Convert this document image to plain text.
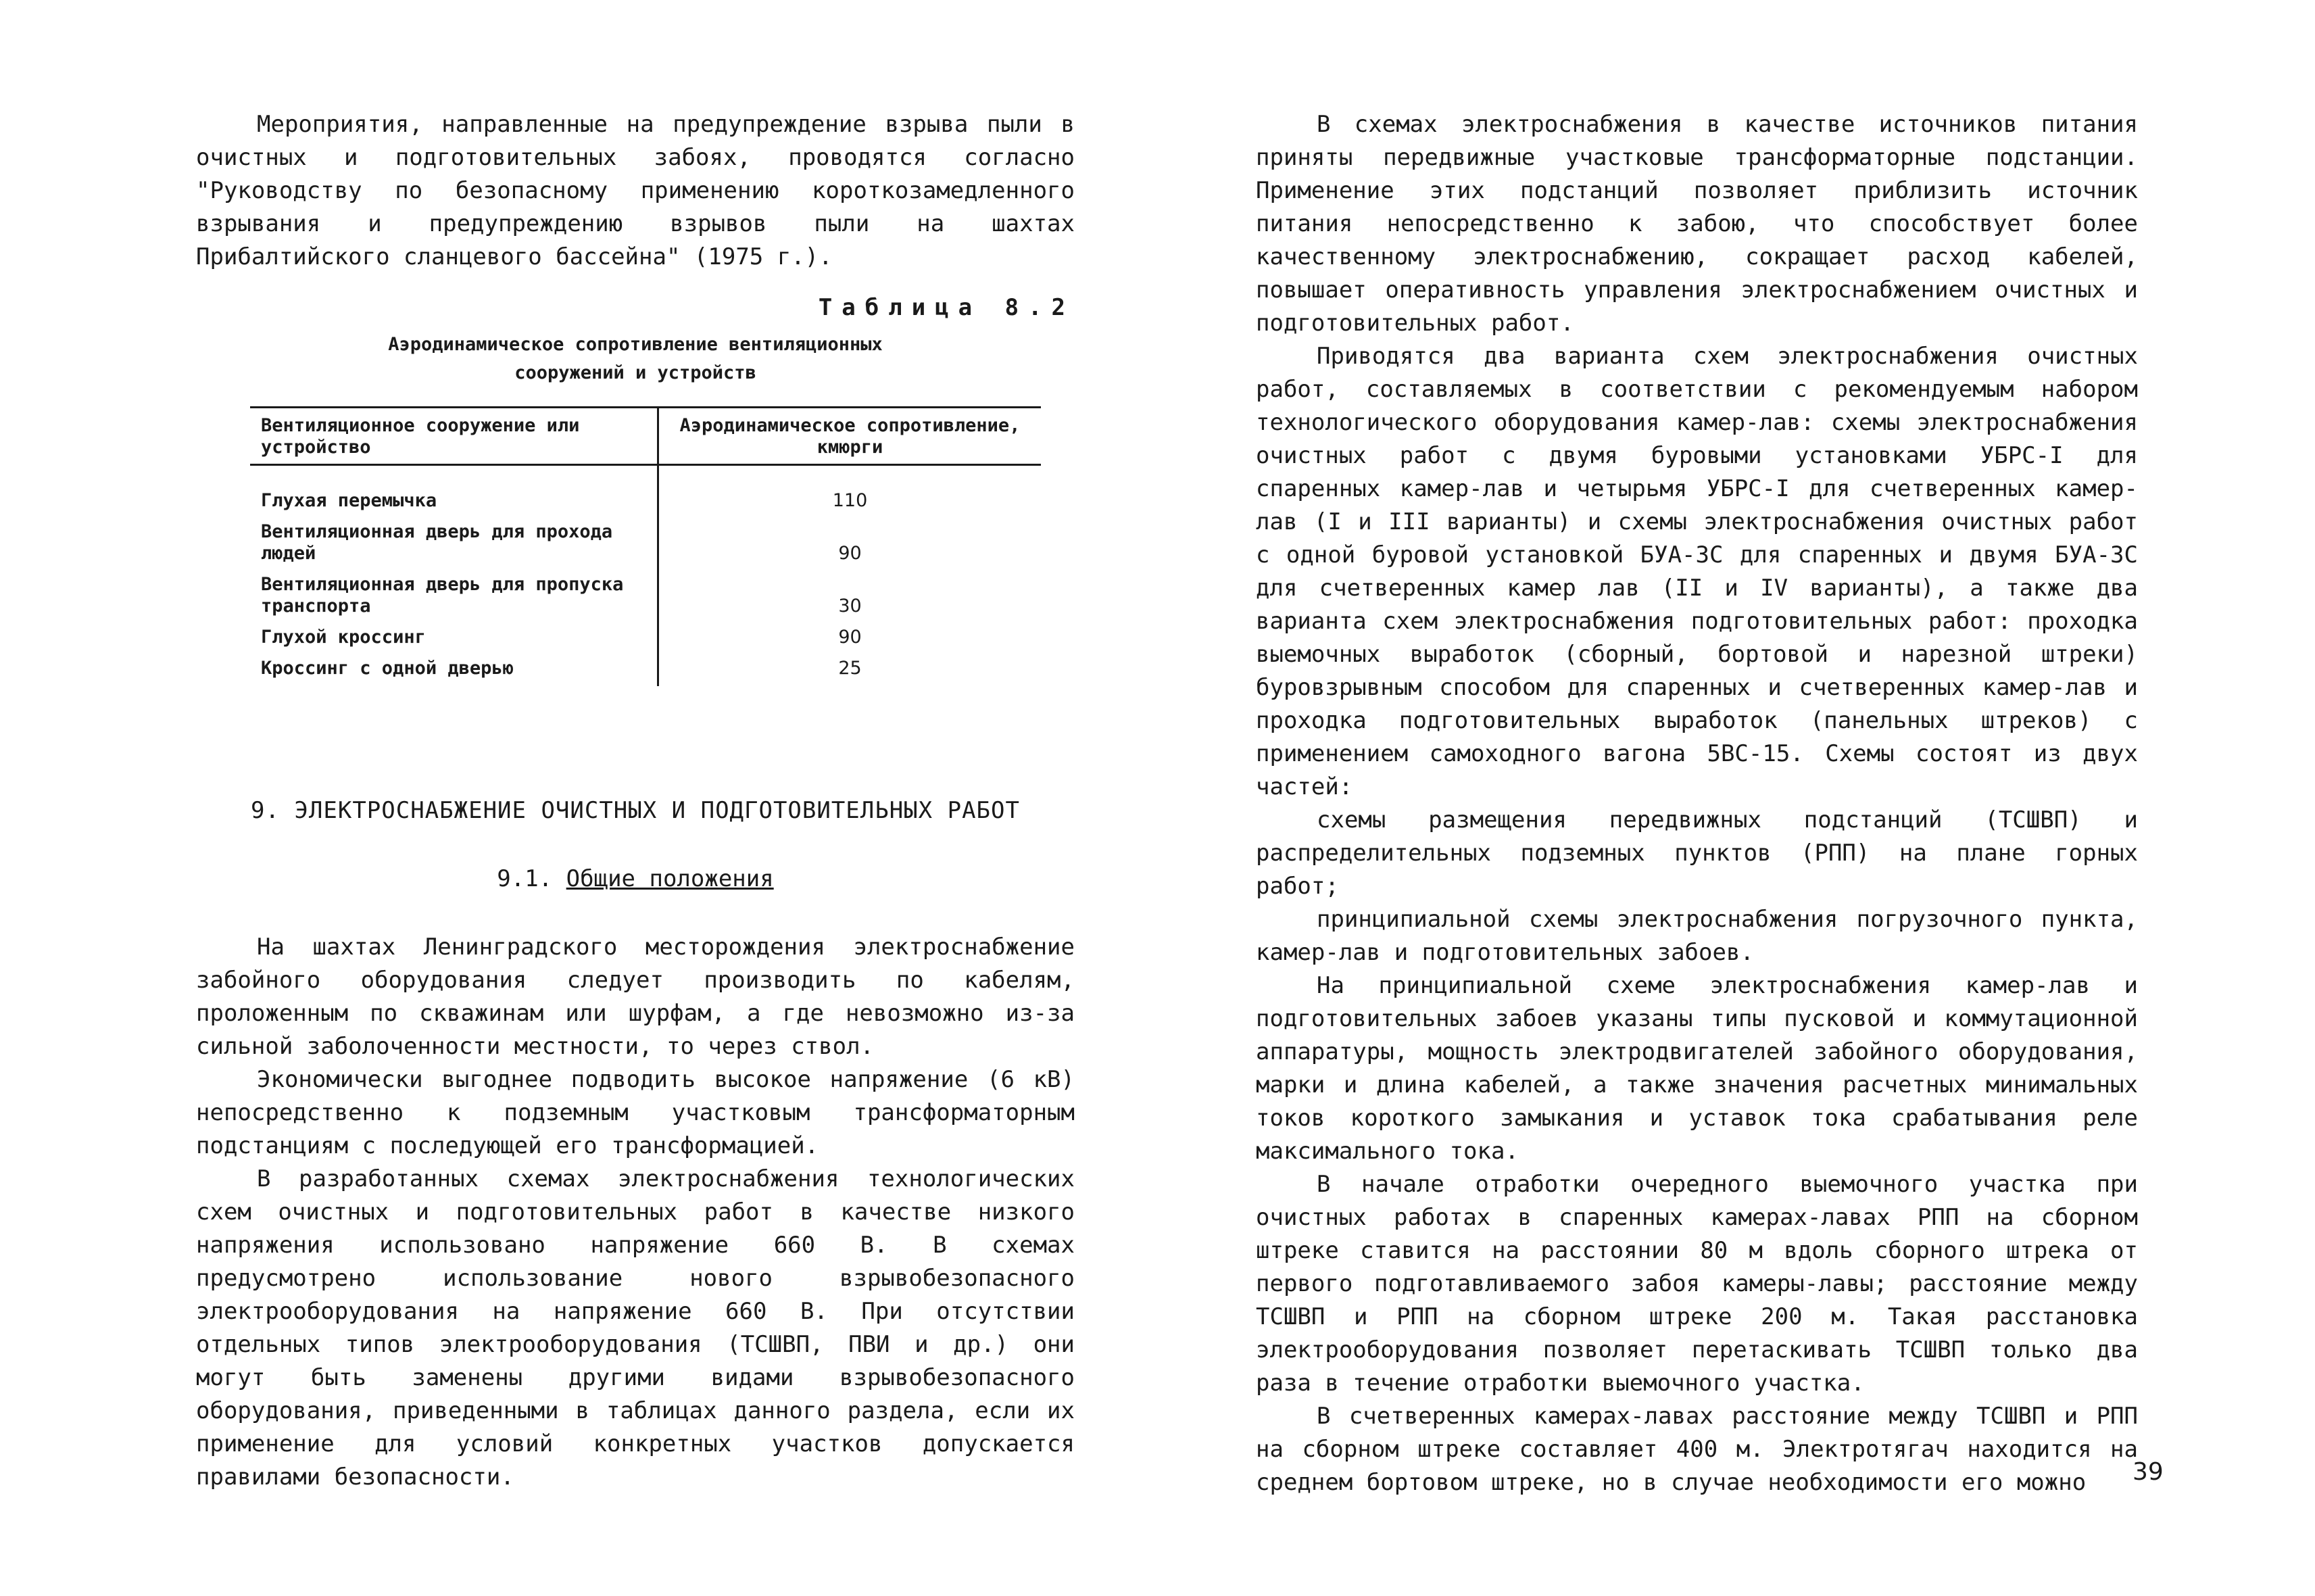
Мероприятия, направленные на предупреждение взрыва пыли в очистных и подготовительных забоях, проводятся согласно "Руководству по безопасному применению короткозамедленного взрывания и предупреждению взрывов пыли на шахтах Прибалтийского сланцевого бассейна" (1975 г.).

Таблица 8.2
Аэродинамическое сопротивление вентиляционных
сооружений и устройств
Вентиляционное сооружение или устройство	Аэродинамическое сопротивление, кмюрги
Глухая перемычка	110
Вентиляционная дверь для прохода людей	90
Вентиляционная дверь для пропуска транспорта	30
Глухой кроссинг	90
Кроссинг с одной дверью	25
9. ЭЛЕКТРОСНАБЖЕНИЕ ОЧИСТНЫХ И ПОДГОТОВИТЕЛЬНЫХ РАБОТ
9.1. Общие положения

На шахтах Ленинградского месторождения электроснабжение забойного оборудования следует производить по кабелям, проложенным по скважинам или шурфам, а где невозможно из-за сильной заболоченности местности, то через ствол.

Экономически выгоднее подводить высокое напряжение (6 кВ) непосредственно к подземным участковым трансформаторным подстанциям с последующей его трансформацией.

В разработанных схемах электроснабжения технологических схем очистных и подготовительных работ в качестве низкого напряжения использовано напряжение 660 В. В схемах предусмотрено использование нового взрывобезопасного электрооборудования на напряжение 660 В. При отсутствии отдельных типов электрооборудования (ТСШВП, ПВИ и др.) они могут быть заменены другими видами взрывобезопасного оборудования, приведенными в таблицах данного раздела, если их применение для условий конкретных участков допускается правилами безопасности.

В схемах электроснабжения в качестве источников питания приняты передвижные участковые трансформаторные подстанции. Применение этих подстанций позволяет приблизить источник питания непосредственно к забою, что способствует более качественному электроснабжению, сокращает расход кабелей, повышает оперативность управления электроснабжением очистных и подготовительных работ.

Приводятся два варианта схем электроснабжения очистных работ, составляемых в соответствии с рекомендуемым набором технологического оборудования камер-лав: схемы электроснабжения очистных работ с двумя буровыми установками УБРС-I для спаренных камер-лав и четырьмя УБРС-I для счетверенных камер-лав (I и III варианты) и схемы электроснабжения очистных работ с одной буровой установкой БУА-3С для спаренных и двумя БУА-3С для счетверенных камер лав (II и IV варианты), а также два варианта схем электроснабжения подготовительных работ: проходка выемочных выработок (сборный, бортовой и нарезной штреки) буровзрывным способом для спаренных и счетверенных камер-лав и проходка подготовительных выработок (панельных штреков) с применением самоходного вагона 5ВС-15. Схемы состоят из двух частей:

схемы размещения передвижных подстанций (ТСШВП) и распределительных подземных пунктов (РПП) на плане горных работ;

принципиальной схемы электроснабжения погрузочного пункта, камер-лав и подготовительных забоев.

На принципиальной схеме электроснабжения камер-лав и подготовительных забоев указаны типы пусковой и коммутационной аппаратуры, мощность электродвигателей забойного оборудования, марки и длина кабелей, а также значения расчетных минимальных токов короткого замыкания и уставок тока срабатывания реле максимального тока.

В начале отработки очередного выемочного участка при очистных работах в спаренных камерах-лавах РПП на сборном штреке ставится на расстоянии 80 м вдоль сборного штрека от первого подготавливаемого забоя камеры-лавы; расстояние между ТСШВП и РПП на сборном штреке 200 м. Такая расстановка электрооборудования позволяет перетаскивать ТСШВП только два раза в течение отработки выемочного участка.

В счетверенных камерах-лавах расстояние между ТСШВП и РПП на сборном штреке составляет 400 м. Электротягач находится на среднем бортовом штреке, но в случае необходимости его можно	39
